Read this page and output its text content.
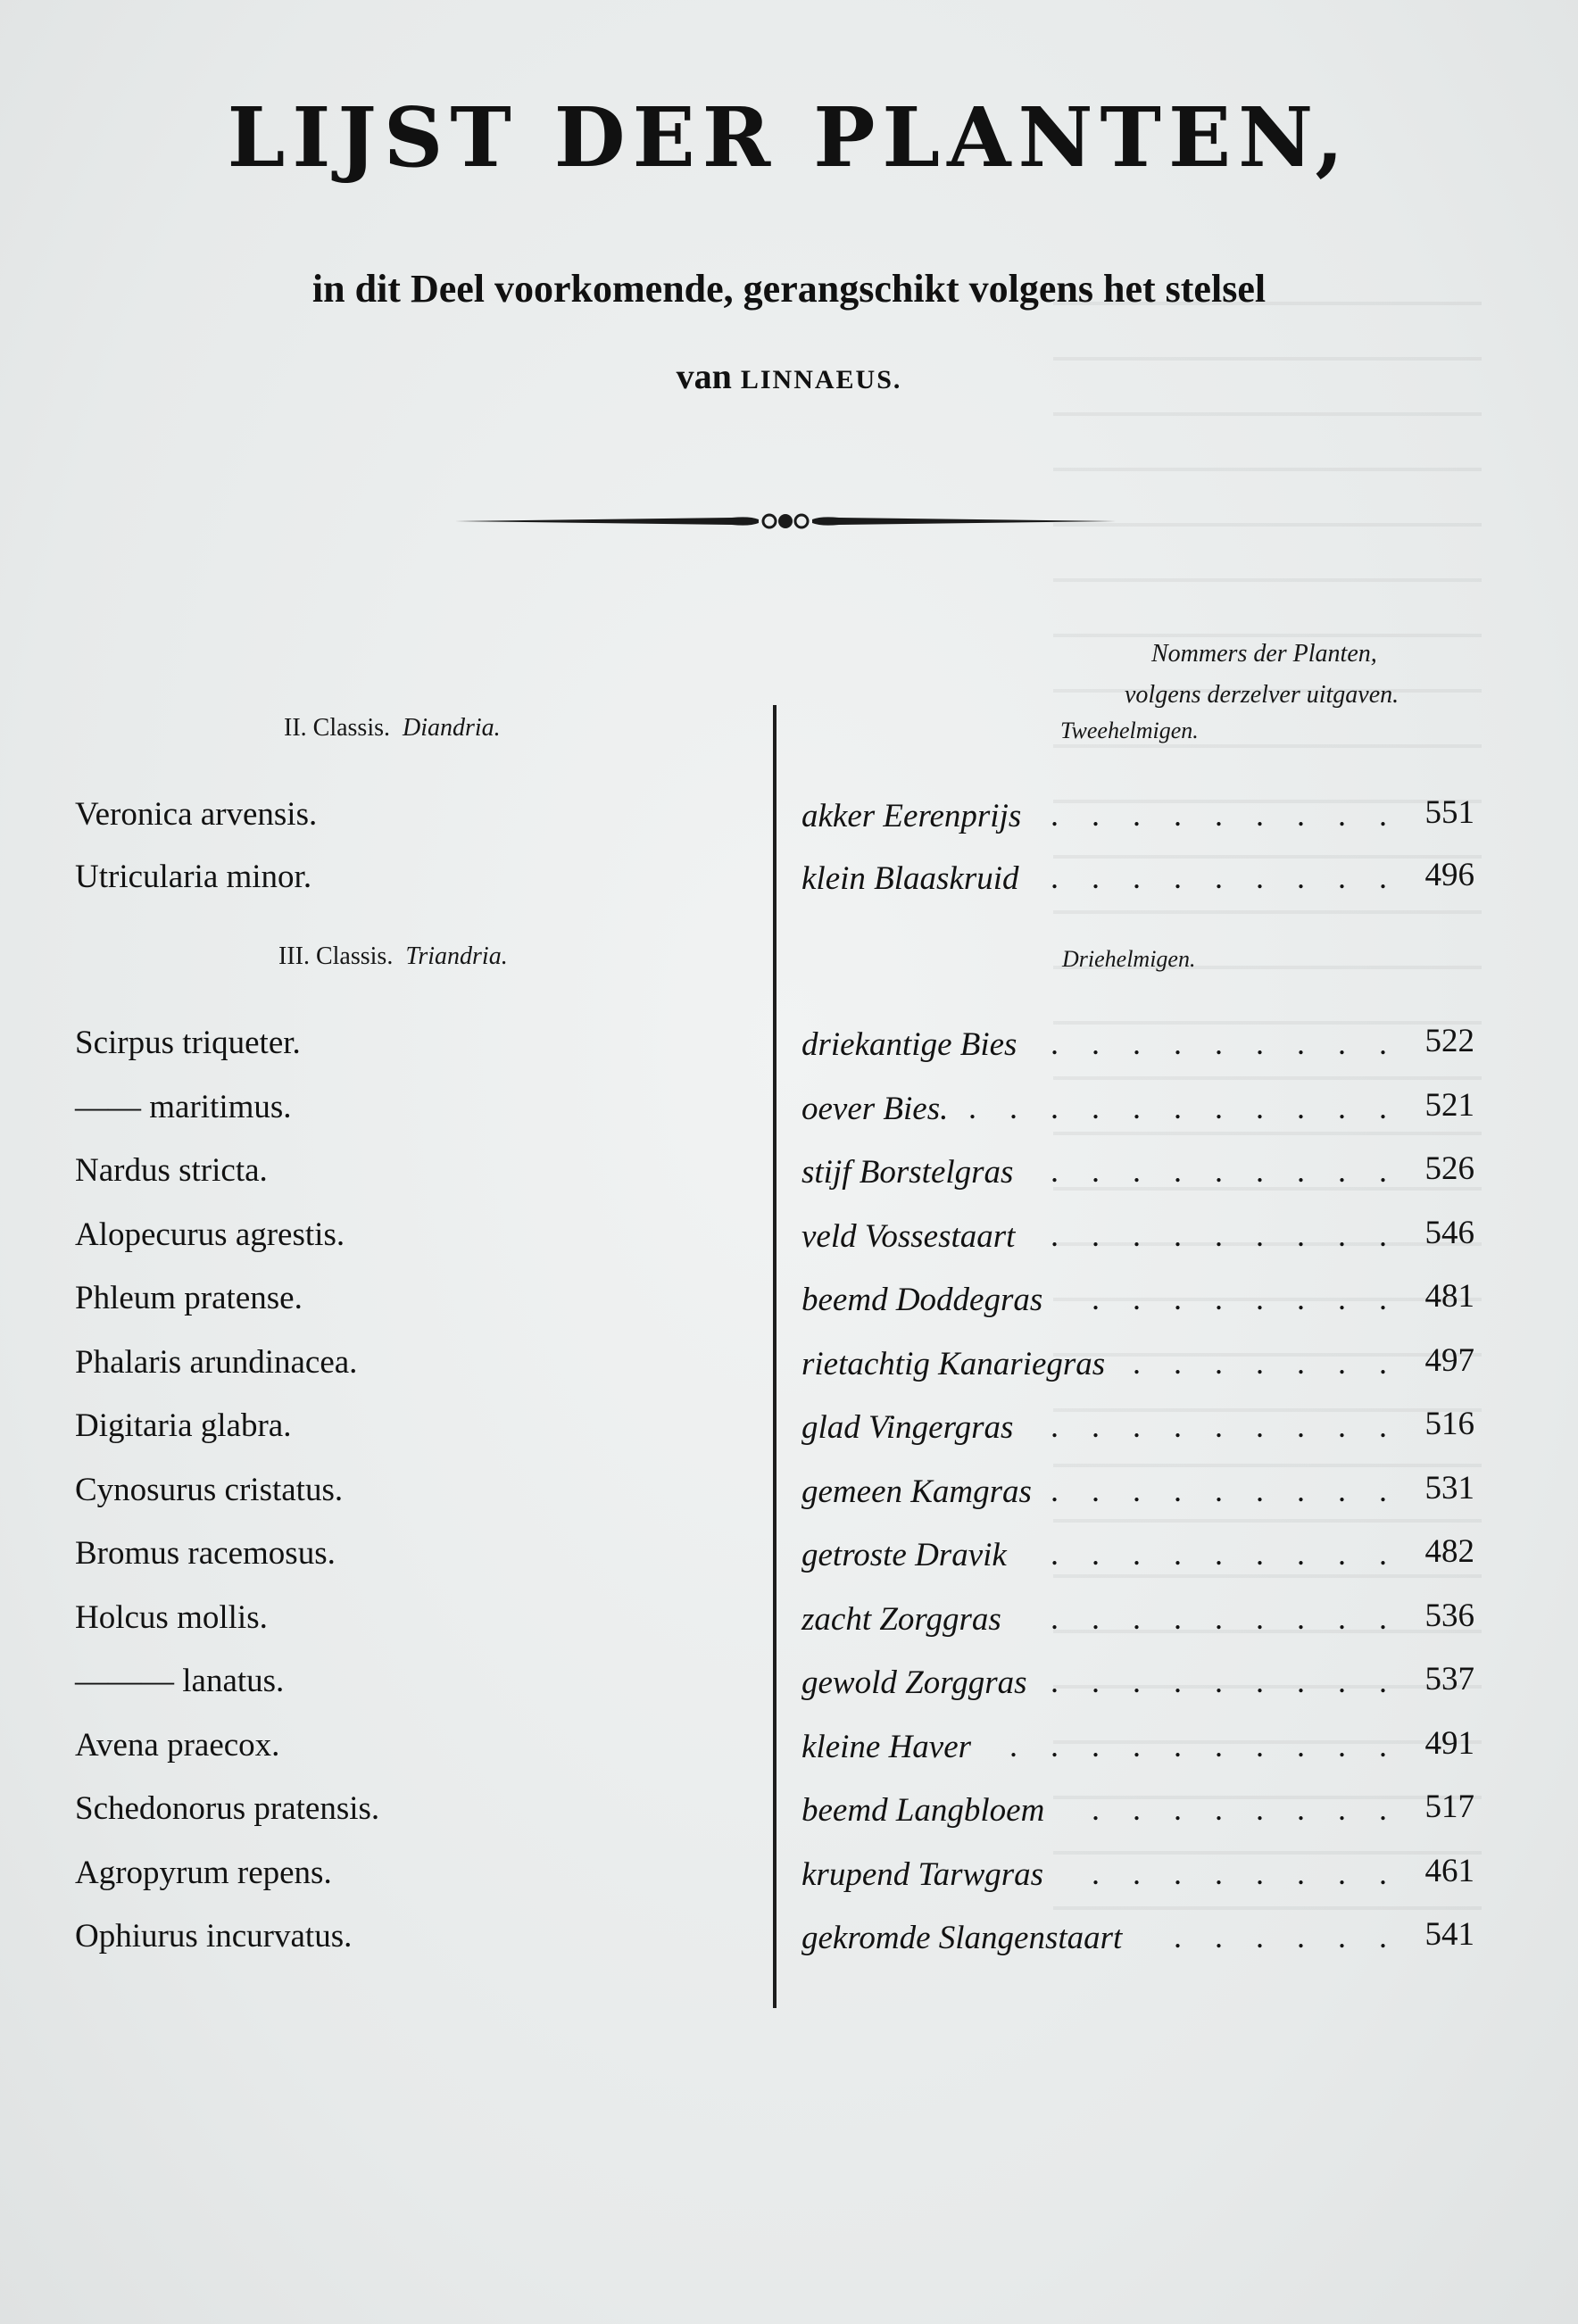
LIJST DER PLANTEN,

in dit Deel voorkomende, gerangschikt volgens het stelsel

van LINNAEUS.

Nommers der Planten,
volgens derzelver uitgaven.
II. Classis. Diandria.	Tweehelmigen.
Veronica arvensis.	akker Eerenprijs . . . . . . . . . 551
Utricularia minor.	klein Blaaskruid . . . . . . . . . 496
III. Classis. Triandria.	Driehelmigen.
Scirpus triqueter.	driekantige Bies . . . . . . . . . 522
—— maritimus.	oever Bies. . . . . . . . . . . . 521
Nardus stricta.	stijf Borstelgras . . . . . . . . . 526
Alopecurus agrestis.	veld Vossestaart . . . . . . . . . 546
Phleum pratense.	beemd Doddegras . . . . . . . . 481
Phalaris arundinacea.	rietachtig Kanariegras . . . . . . . 497
Digitaria glabra.	glad Vingergras . . . . . . . . . 516
Cynosurus cristatus.	gemeen Kamgras . . . . . . . . . 531
Bromus racemosus.	getroste Dravik . . . . . . . . . 482
Holcus mollis.	zacht Zorggras . . . . . . . . . 536
——— lanatus.	gewold Zorggras . . . . . . . . . 537
Avena praecox.	kleine Haver . . . . . . . . . . 491
Schedonorus pratensis.	beemd Langbloem . . . . . . . . 517
Agropyrum repens.	krupend Tarwgras . . . . . . . . 461
Ophiurus incurvatus.	gekromde Slangenstaart . . . . . . 541
